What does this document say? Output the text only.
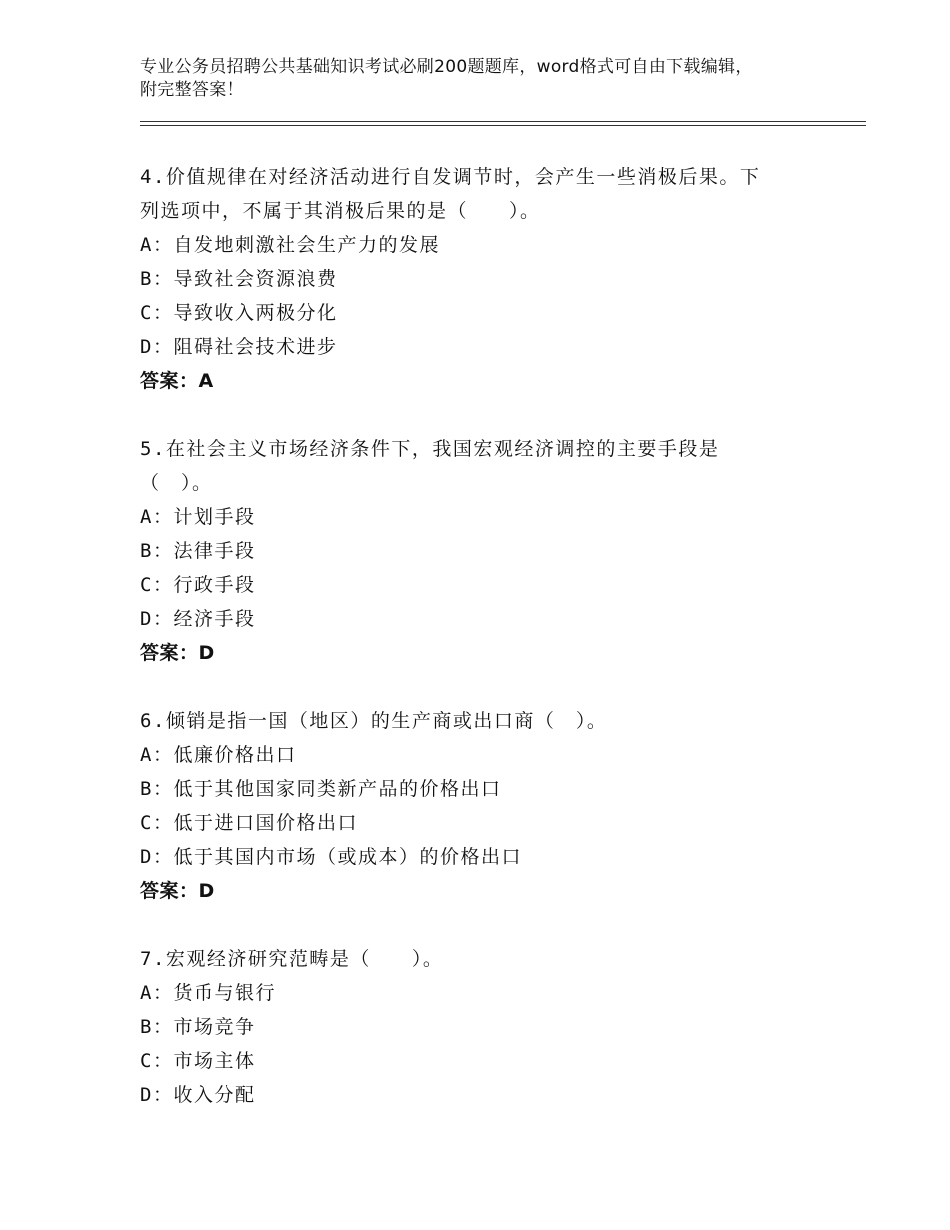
专业公务员招聘公共基础知识考试必刷200题题库，word格式可自由下载编辑，
附完整答案！

4.价值规律在对经济活动进行自发调节时，会产生一些消极后果。下
列选项中，不属于其消极后果的是（　　）。

A：自发地刺激社会生产力的发展

B：导致社会资源浪费

C：导致收入两极分化

D：阻碍社会技术进步

答案：A

5.在社会主义市场经济条件下，我国宏观经济调控的主要手段是
（　）。

A：计划手段

B：法律手段

C：行政手段

D：经济手段

答案：D

6.倾销是指一国（地区）的生产商或出口商（　）。

A：低廉价格出口

B：低于其他国家同类新产品的价格出口

C：低于进口国价格出口

D：低于其国内市场（或成本）的价格出口

答案：D

7.宏观经济研究范畴是（　　）。

A：货币与银行

B：市场竞争

C：市场主体

D：收入分配
